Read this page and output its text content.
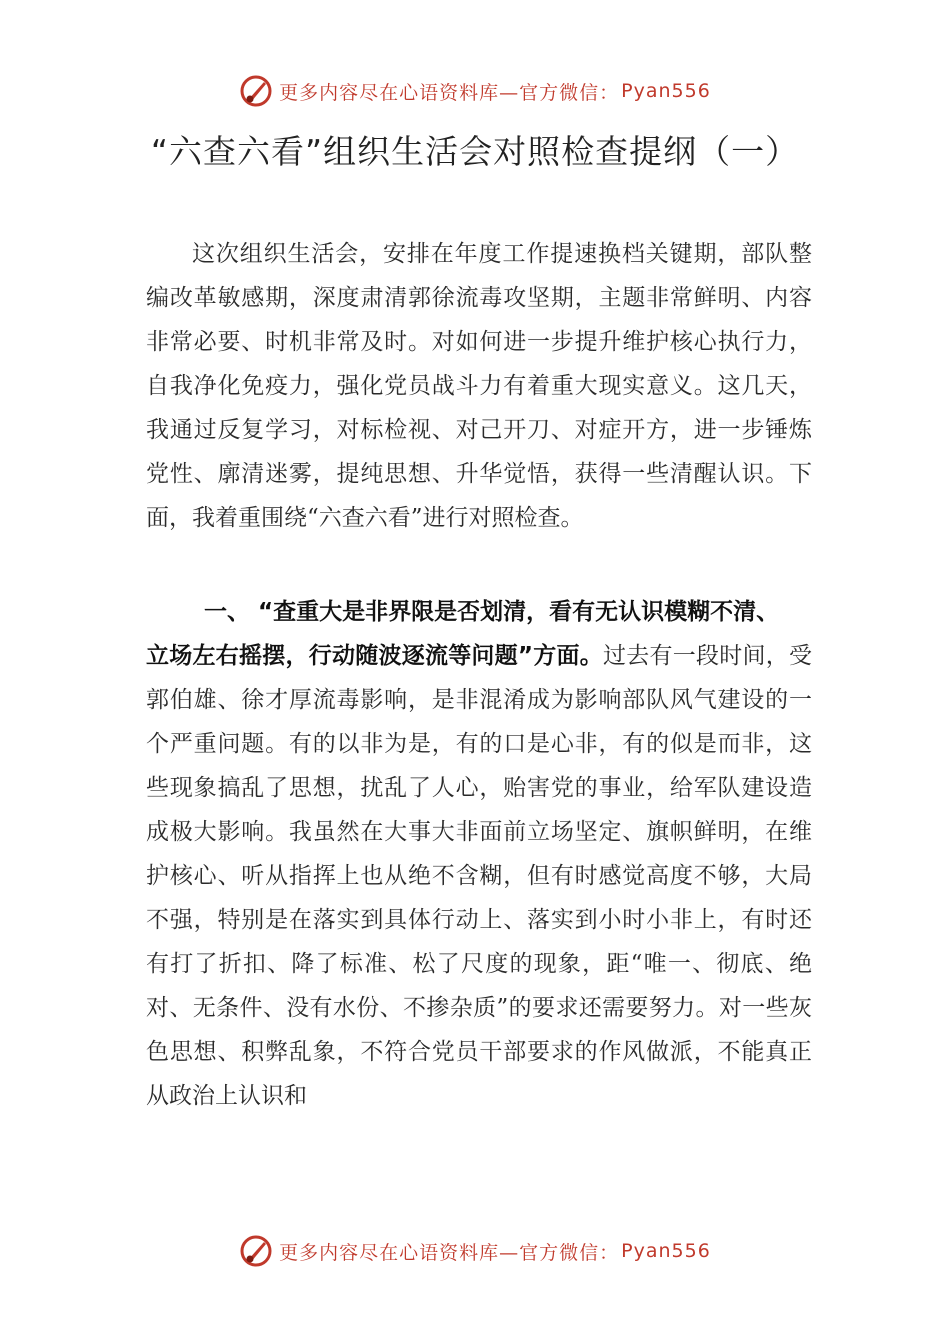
更多内容尽在心语资料库—官方微信： Pyan556
“六查六看”组织生活会对照检查提纲（一）
这次组织生活会，安排在年度工作提速换档关键期，部队整编改革敏感期，深度肃清郭徐流毒攻坚期，主题非常鲜明、内容非常必要、时机非常及时。对如何进一步提升维护核心执行力，自我净化免疫力，强化党员战斗力有着重大现实意义。这几天，我通过反复学习，对标检视、对己开刀、对症开方，进一步锤炼党性、廓清迷雾，提纯思想、升华觉悟，获得一些清醒认识。下面，我着重围绕“六查六看”进行对照检查。
一、 “查重大是非界限是否划清，看有无认识模糊不清、
立场左右摇摆，行动随波逐流等问题”方面。过去有一段时间，受郭伯雄、徐才厚流毒影响，是非混淆成为影响部队风气建设的一个严重问题。有的以非为是，有的口是心非，有的似是而非，这些现象搞乱了思想，扰乱了人心，贻害党的事业，给军队建设造成极大影响。我虽然在大事大非面前立场坚定、旗帜鲜明，在维护核心、听从指挥上也从绝不含糊，但有时感觉高度不够，大局不强，特别是在落实到具体行动上、落实到小时小非上，有时还有打了折扣、降了标准、松了尺度的现象，距“唯一、彻底、绝对、无条件、没有水份、不掺杂质”的要求还需要努力。对一些灰色思想、积弊乱象，不符合党员干部要求的作风做派，不能真正从政治上认识和
更多内容尽在心语资料库—官方微信： Pyan556
